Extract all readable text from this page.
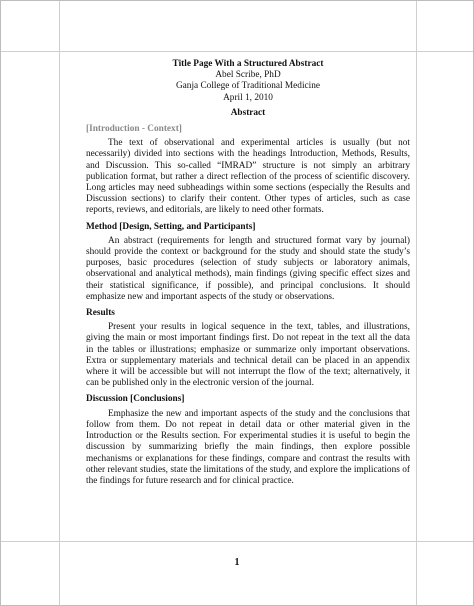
Title Page With a Structured Abstract
Abel Scribe, PhD
Ganja College of Traditional Medicine
April 1, 2010
Abstract
[Introduction - Context]

The text of observational and experimental articles is usually (but not necessarily) divided into sections with the headings Introduction, Methods, Results, and Discussion. This so-called “IMRAD” structure is not simply an arbitrary publication format, but rather a direct reflection of the process of scientific discovery. Long articles may need subheadings within some sections (especially the Results and Discussion sections) to clarify their content. Other types of articles, such as case reports, reviews, and editorials, are likely to need other formats.

Method [Design, Setting, and Participants]

An abstract (requirements for length and structured format vary by journal) should provide the context or background for the study and should state the study’s purposes, basic procedures (selection of study subjects or laboratory animals, observational and analytical methods), main findings (giving specific effect sizes and their statistical significance, if possible), and principal conclusions. It should emphasize new and important aspects of the study or observations.

Results

Present your results in logical sequence in the text, tables, and illustrations, giving the main or most important findings first. Do not repeat in the text all the data in the tables or illustrations; emphasize or summarize only important observations. Extra or supplementary materials and technical detail can be placed in an appendix where it will be accessible but will not interrupt the flow of the text; alternatively, it can be published only in the electronic version of the journal.

Discussion [Conclusions]

Emphasize the new and important aspects of the study and the conclusions that follow from them. Do not repeat in detail data or other material given in the Introduction or the Results section. For experimental studies it is useful to begin the discussion by summarizing briefly the main findings, then explore possible mechanisms or explanations for these findings, compare and contrast the results with other relevant studies, state the limitations of the study, and explore the implications of the findings for future research and for clinical practice.

1
